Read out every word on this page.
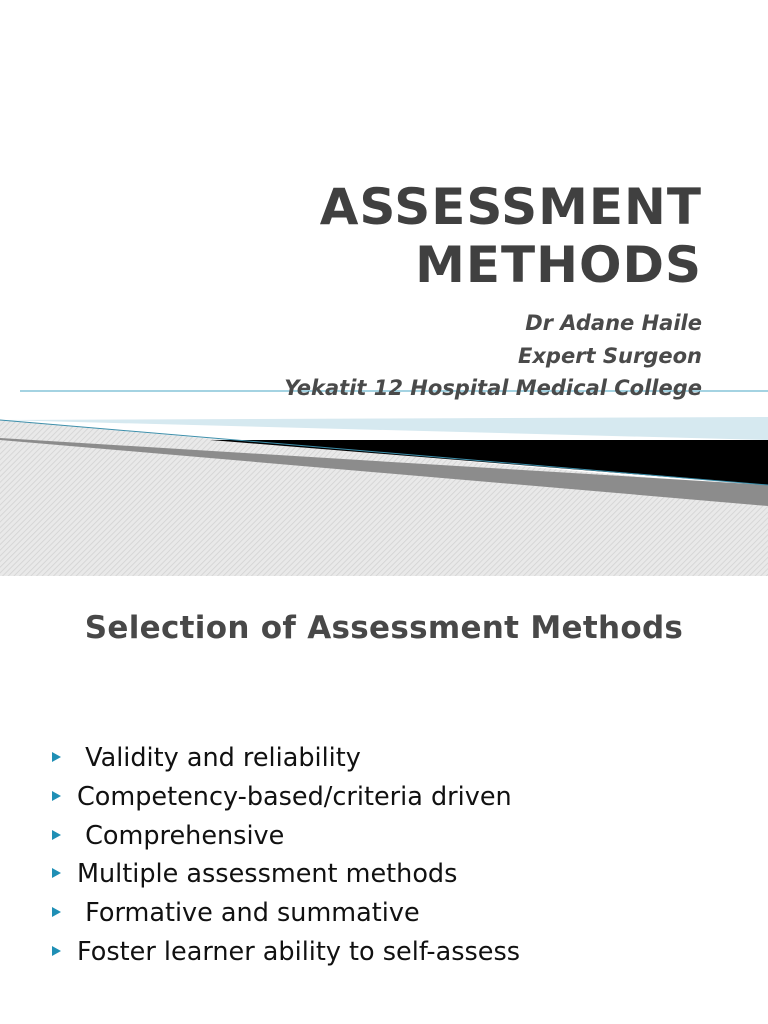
ASSESSMENT
METHODS
Dr Adane Haile
Expert Surgeon
Yekatit 12 Hospital Medical College
Selection of Assessment Methods
Validity and reliability
Competency-based/criteria driven
Comprehensive
Multiple assessment methods
Formative and summative
Foster learner ability to self-assess
